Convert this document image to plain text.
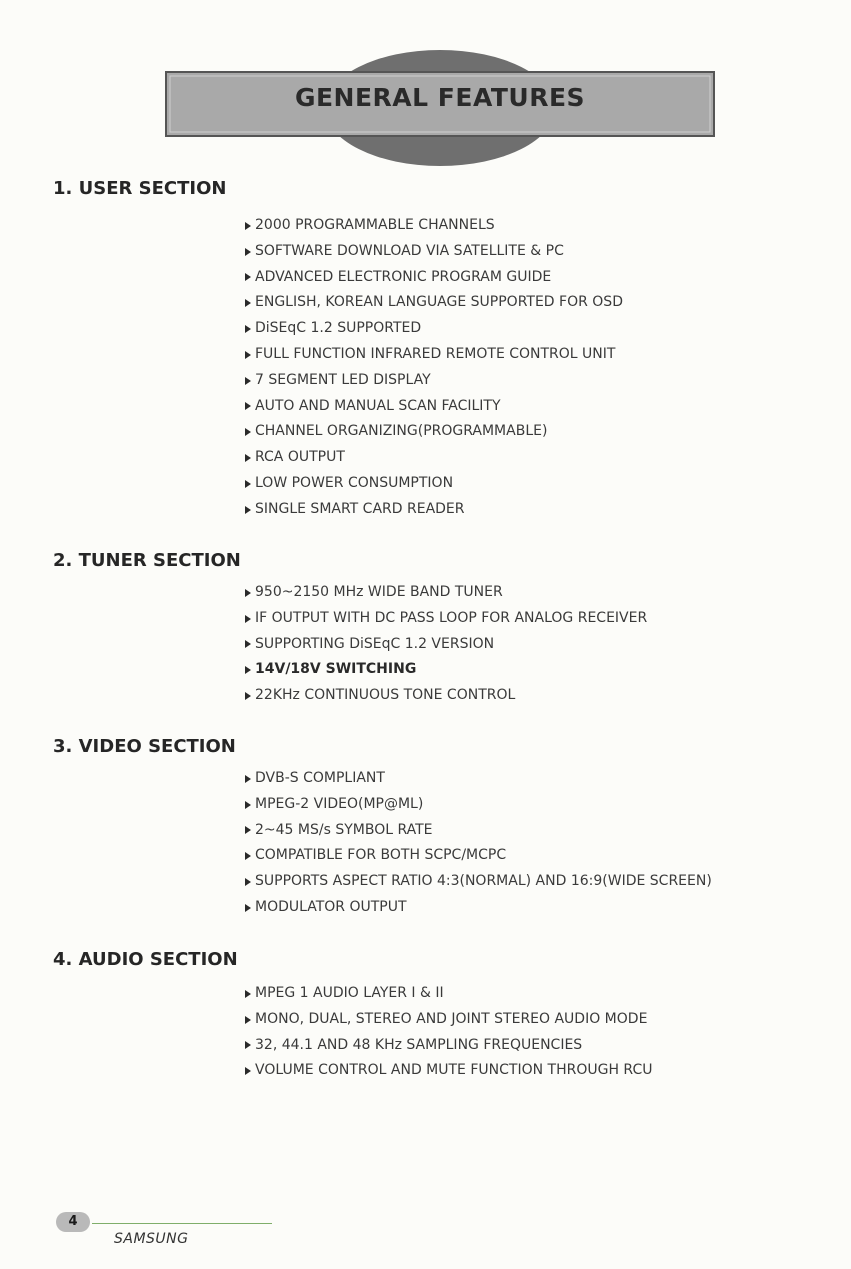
GENERAL FEATURES
1. USER SECTION
2000 PROGRAMMABLE CHANNELS
SOFTWARE DOWNLOAD VIA SATELLITE & PC
ADVANCED ELECTRONIC PROGRAM GUIDE
ENGLISH, KOREAN LANGUAGE SUPPORTED FOR OSD
DiSEqC 1.2 SUPPORTED
FULL FUNCTION INFRARED REMOTE CONTROL UNIT
7 SEGMENT LED DISPLAY
AUTO AND MANUAL SCAN FACILITY
CHANNEL ORGANIZING(PROGRAMMABLE)
RCA OUTPUT
LOW POWER CONSUMPTION
SINGLE SMART CARD READER
2. TUNER SECTION
950~2150 MHz WIDE BAND TUNER
IF OUTPUT WITH DC PASS LOOP FOR ANALOG RECEIVER
SUPPORTING DiSEqC 1.2 VERSION
14V/18V SWITCHING
22KHz CONTINUOUS TONE CONTROL
3. VIDEO SECTION
DVB-S COMPLIANT
MPEG-2 VIDEO(MP@ML)
2~45 MS/s SYMBOL RATE
COMPATIBLE FOR BOTH SCPC/MCPC
SUPPORTS ASPECT RATIO 4:3(NORMAL) AND 16:9(WIDE SCREEN)
MODULATOR OUTPUT
4. AUDIO SECTION
MPEG 1 AUDIO LAYER I & II
MONO, DUAL, STEREO AND JOINT STEREO AUDIO MODE
32, 44.1 AND 48 KHz SAMPLING FREQUENCIES
VOLUME CONTROL AND MUTE FUNCTION THROUGH RCU
4
SAMSUNG
